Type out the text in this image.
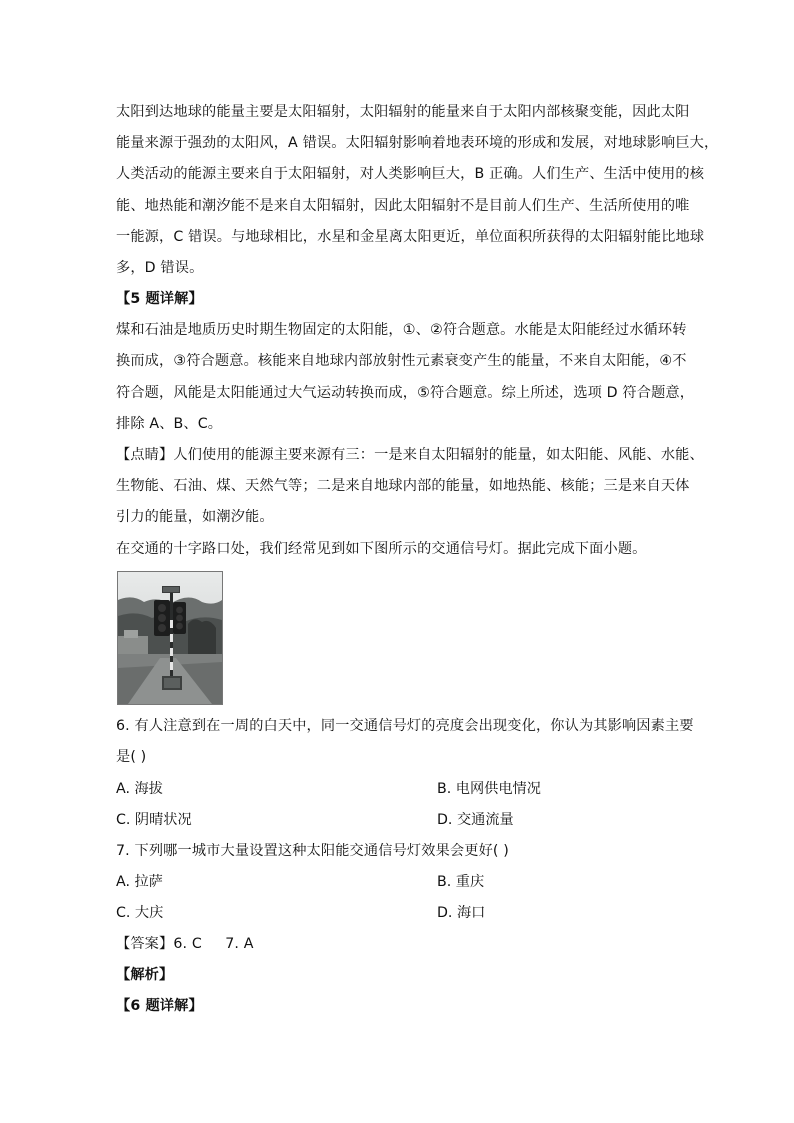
太阳到达地球的能量主要是太阳辐射，太阳辐射的能量来自于太阳内部核聚变能，因此太阳
能量来源于强劲的太阳风，A 错误。太阳辐射影响着地表环境的形成和发展，对地球影响巨大，
人类活动的能源主要来自于太阳辐射，对人类影响巨大，B 正确。人们生产、生活中使用的核
能、地热能和潮汐能不是来自太阳辐射，因此太阳辐射不是目前人们生产、生活所使用的唯
一能源，C 错误。与地球相比，水星和金星离太阳更近，单位面积所获得的太阳辐射能比地球
多，D 错误。
【5 题详解】
煤和石油是地质历史时期生物固定的太阳能，①、②符合题意。水能是太阳能经过水循环转
换而成，③符合题意。核能来自地球内部放射性元素衰变产生的能量，不来自太阳能，④不
符合题，风能是太阳能通过大气运动转换而成，⑤符合题意。综上所述，选项 D 符合题意，
排除 A、B、C。
【点睛】人们使用的能源主要来源有三：一是来自太阳辐射的能量，如太阳能、风能、水能、
生物能、石油、煤、天然气等；二是来自地球内部的能量，如地热能、核能；三是来自天体
引力的能量，如潮汐能。
在交通的十字路口处，我们经常见到如下图所示的交通信号灯。据此完成下面小题。
6. 有人注意到在一周的白天中，同一交通信号灯的亮度会出现变化，你认为其影响因素主要
是( )
A. 海拔	B. 电网供电情况
C. 阴晴状况	D. 交通流量
7. 下列哪一城市大量设置这种太阳能交通信号灯效果会更好( )
A. 拉萨	B. 重庆
C. 大庆	D. 海口
【答案】6. C     7. A
【解析】
【6 题详解】
